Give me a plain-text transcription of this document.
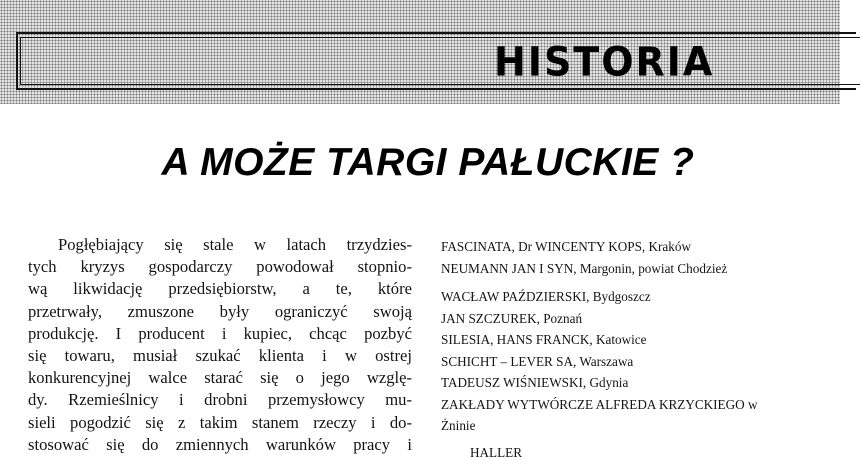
HISTORIA
A MOŻE TARGI PAŁUCKIE ?
Pogłębiający się stale w latach trzydzies-
tych kryzys gospodarczy powodował stopnio-
wą likwidację przedsiębiorstw, a te, które
przetrwały, zmuszone były ograniczyć swoją
produkcję. I producent i kupiec, chcąc pozbyć
się towaru, musiał szukać klienta i w ostrej
konkurencyjnej walce starać się o jego wzglę-
dy. Rzemieślnicy i drobni przemysłowcy mu-
sieli pogodzić się z takim stanem rzeczy i do-
stosować się do zmiennych warunków pracy i
FASCINATA, Dr WINCENTY KOPS, Kraków
NEUMANN JAN I SYN, Margonin, powiat Chodzież
WACŁAW PAŹDZIERSKI, Bydgoszcz
JAN SZCZUREK, Poznań
SILESIA, HANS FRANCK, Katowice
SCHICHT – LEVER SA, Warszawa
TADEUSZ WIŚNIEWSKI, Gdynia
ZAKŁADY WYTWÓRCZE ALFREDA KRZYCKIEGO w
Żninie
HALLER
